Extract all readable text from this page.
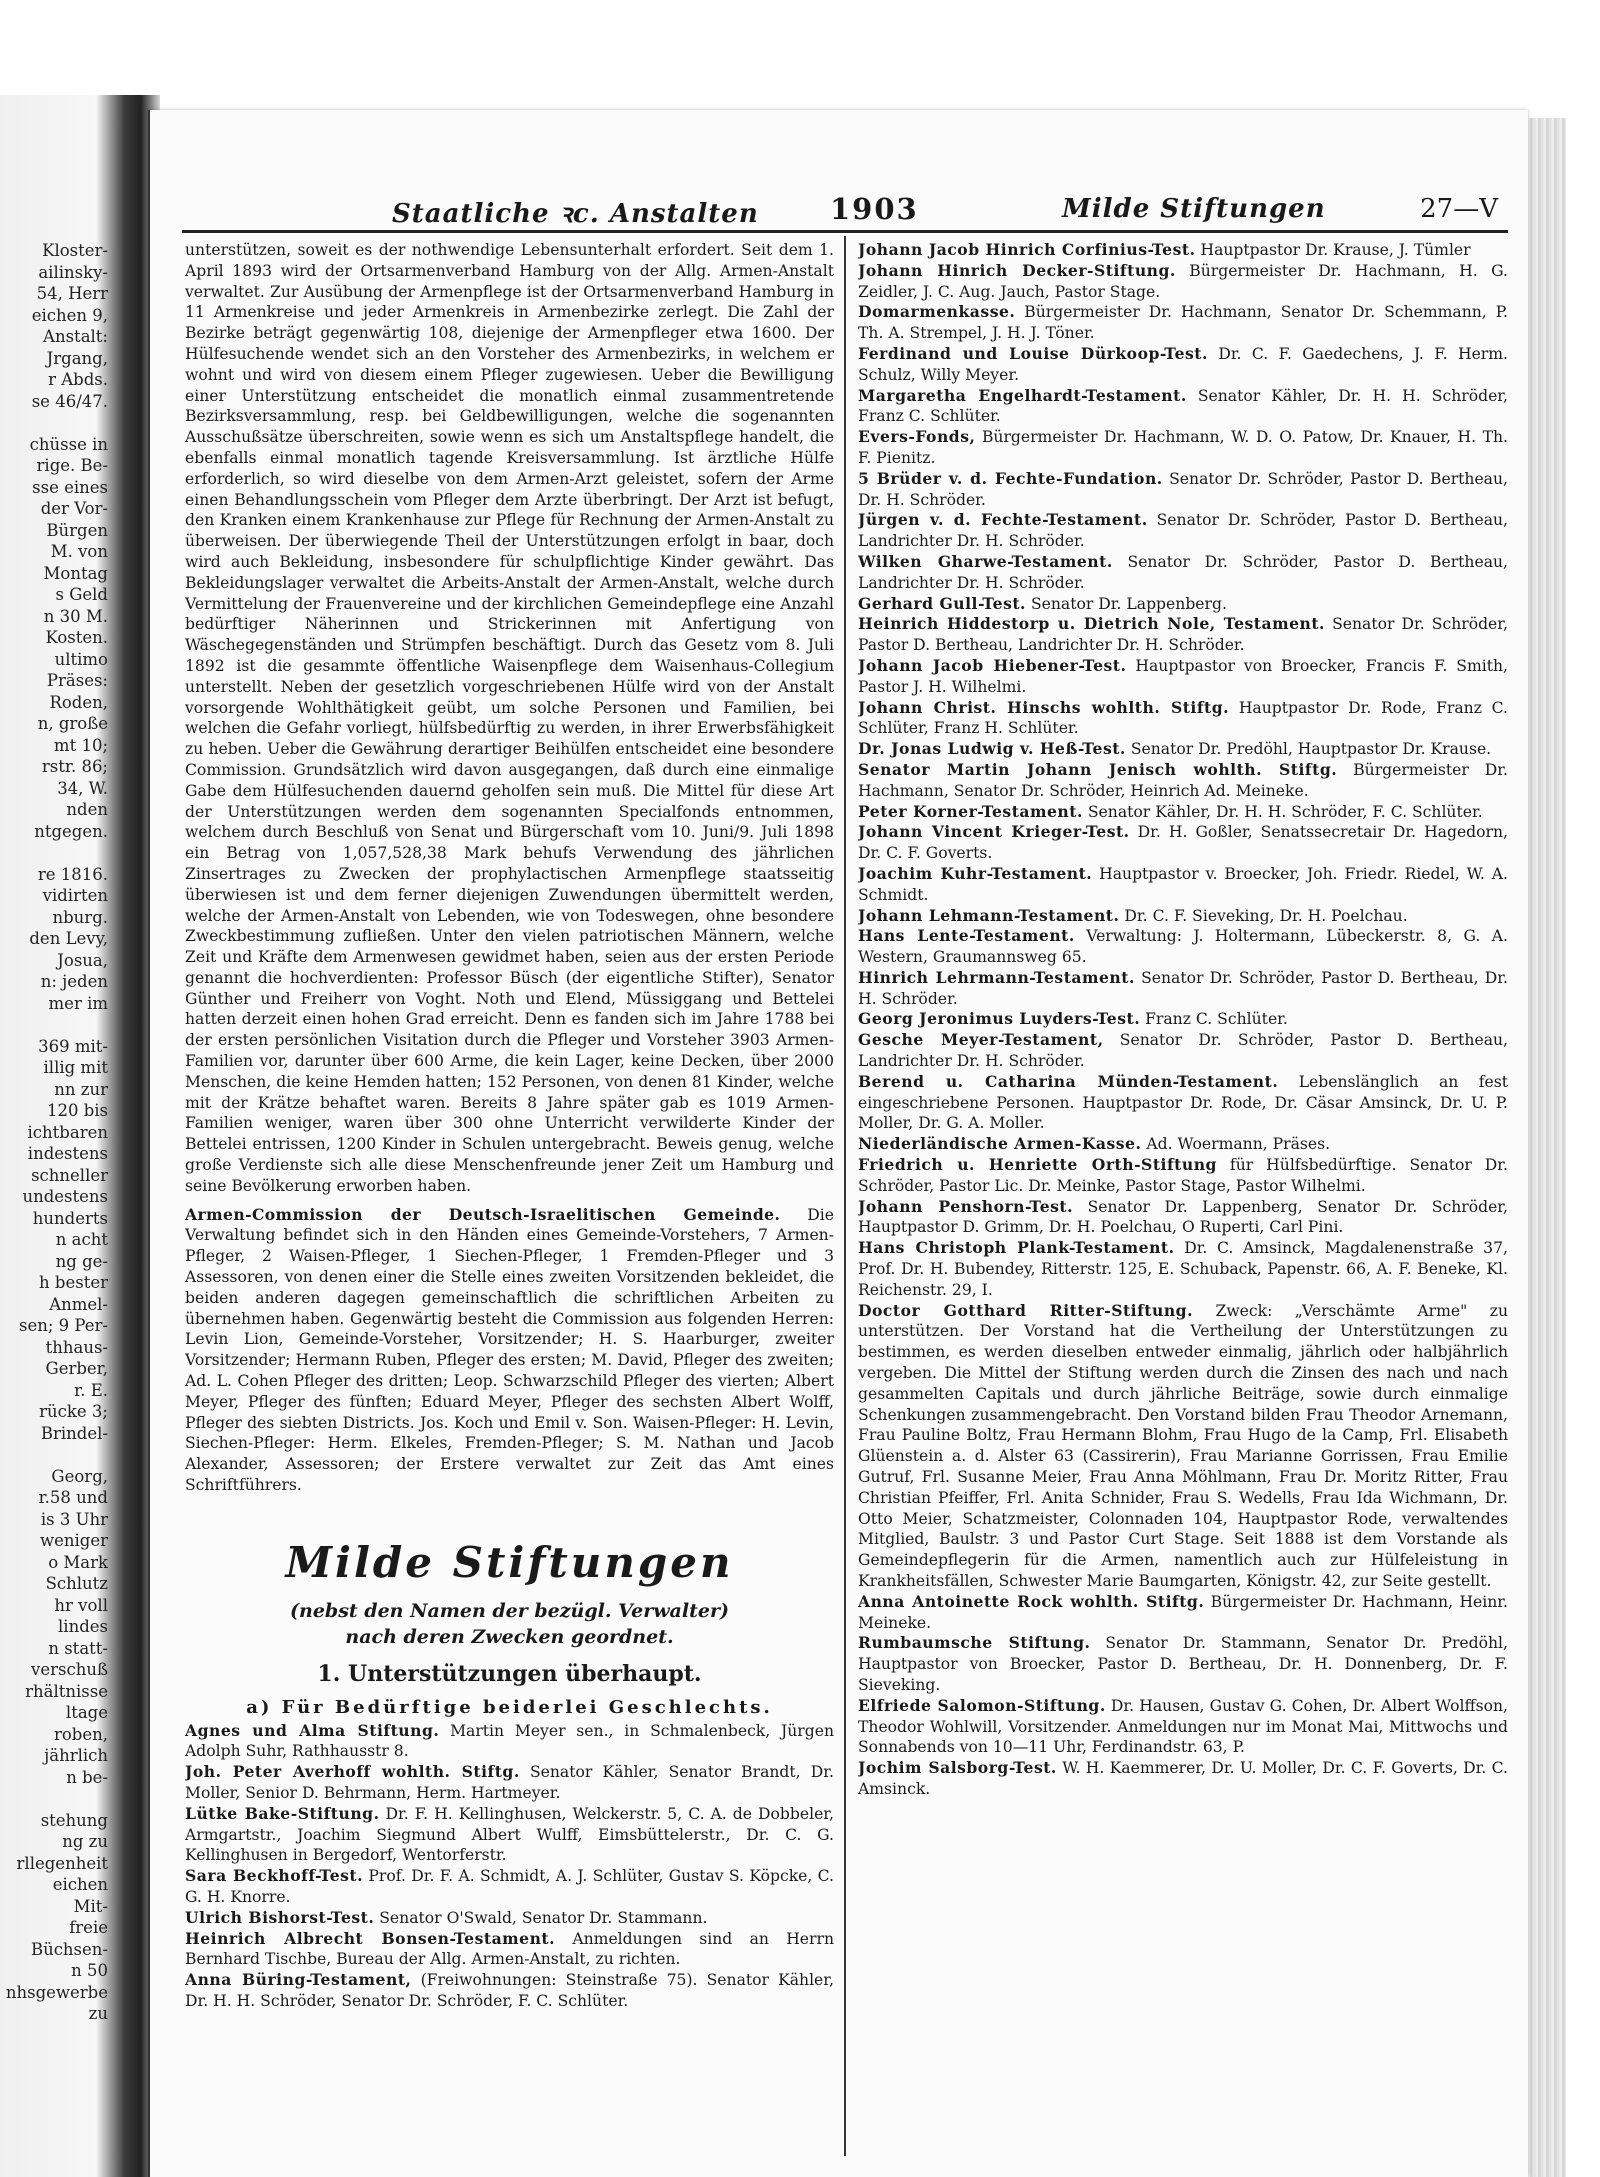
Kloster-
ailinsky-
54, Herr
eichen 9,
Anstalt:
Jrgang,
r Abds.
se 46/47.

chüsse in
rige. Be-
sse eines
der Vor-
Bürgen
M. von
Montag
s Geld
n 30 M.
Kosten.
ultimo
Präses:
Roden,
n, große
mt 10;
rstr. 86;
34, W.
nden
ntgegen.

re 1816.
vidirten
nburg.
den Levy,
Josua,
n: jeden
mer im

369 mit-
illig mit
nn zur
120 bis
ichtbaren
indestens
schneller
undestens
hunderts
n acht
ng ge-
h bester
Anmel-
sen; 9 Per-
thhaus-
Gerber,
r. E.
rücke 3;
Brindel-

Georg,
r.58 und
is 3 Uhr
weniger
o Mark
Schlutz
hr voll
lindes
n statt-
verschuß
rhältnisse
ltage
roben,
jährlich
n be-

stehung
ng zu
rllegenheit
eichen
Mit-
freie
Büchsen-
n 50
nhsgewerbe
zu
Staatliche ꝛc. Anstalten 1903	Milde Stiftungen	27—V

unterstützen, soweit es der nothwendige Lebensunterhalt erfordert. Seit dem 1. April 1893 wird der Ortsarmenverband Hamburg von der Allg. Armen-Anstalt verwaltet. Zur Ausübung der Armenpflege ist der Ortsarmenverband Hamburg in 11 Armenkreise und jeder Armenkreis in Armenbezirke zerlegt. Die Zahl der Bezirke beträgt gegenwärtig 108, diejenige der Armenpfleger etwa 1600. Der Hülfesuchende wendet sich an den Vorsteher des Armenbezirks, in welchem er wohnt und wird von diesem einem Pfleger zugewiesen. Ueber die Bewilligung einer Unterstützung entscheidet die monatlich einmal zusammentretende Bezirksversammlung, resp. bei Geldbewilligungen, welche die sogenannten Ausschußsätze überschreiten, sowie wenn es sich um Anstaltspflege handelt, die ebenfalls einmal monatlich tagende Kreisversammlung. Ist ärztliche Hülfe erforderlich, so wird dieselbe von dem Armen-Arzt geleistet, sofern der Arme einen Behandlungsschein vom Pfleger dem Arzte überbringt. Der Arzt ist befugt, den Kranken einem Krankenhause zur Pflege für Rechnung der Armen-Anstalt zu überweisen. Der überwiegende Theil der Unterstützungen erfolgt in baar, doch wird auch Bekleidung, insbesondere für schulpflichtige Kinder gewährt. Das Bekleidungslager verwaltet die Arbeits-Anstalt der Armen-Anstalt, welche durch Vermittelung der Frauenvereine und der kirchlichen Gemeindepflege eine Anzahl bedürftiger Näherinnen und Strickerinnen mit Anfertigung von Wäschegegenständen und Strümpfen beschäftigt. Durch das Gesetz vom 8. Juli 1892 ist die gesammte öffentliche Waisenpflege dem Waisenhaus-Collegium unterstellt. Neben der gesetzlich vorgeschriebenen Hülfe wird von der Anstalt vorsorgende Wohlthätigkeit geübt, um solche Personen und Familien, bei welchen die Gefahr vorliegt, hülfsbedürftig zu werden, in ihrer Erwerbsfähigkeit zu heben. Ueber die Gewährung derartiger Beihülfen entscheidet eine besondere Commission. Grundsätzlich wird davon ausgegangen, daß durch eine einmalige Gabe dem Hülfesuchenden dauernd geholfen sein muß. Die Mittel für diese Art der Unterstützungen werden dem sogenannten Specialfonds entnommen, welchem durch Beschluß von Senat und Bürgerschaft vom 10. Juni/9. Juli 1898 ein Betrag von 1,057,528,38 Mark behufs Verwendung des jährlichen Zinsertrages zu Zwecken der prophylactischen Armenpflege staatsseitig überwiesen ist und dem ferner diejenigen Zuwendungen übermittelt werden, welche der Armen-Anstalt von Lebenden, wie von Todeswegen, ohne besondere Zweckbestimmung zufließen. Unter den vielen patriotischen Männern, welche Zeit und Kräfte dem Armenwesen gewidmet haben, seien aus der ersten Periode genannt die hochverdienten: Professor Büsch (der eigentliche Stifter), Senator Günther und Freiherr von Voght. Noth und Elend, Müssiggang und Bettelei hatten derzeit einen hohen Grad erreicht. Denn es fanden sich im Jahre 1788 bei der ersten persönlichen Visitation durch die Pfleger und Vorsteher 3903 Armen-Familien vor, darunter über 600 Arme, die kein Lager, keine Decken, über 2000 Menschen, die keine Hemden hatten; 152 Personen, von denen 81 Kinder, welche mit der Krätze behaftet waren. Bereits 8 Jahre später gab es 1019 Armen-Familien weniger, waren über 300 ohne Unterricht verwilderte Kinder der Bettelei entrissen, 1200 Kinder in Schulen untergebracht. Beweis genug, welche große Verdienste sich alle diese Menschenfreunde jener Zeit um Hamburg und seine Bevölkerung erworben haben.

Armen-Commission der Deutsch-Israelitischen Gemeinde. Die Verwaltung befindet sich in den Händen eines Gemeinde-Vorstehers, 7 Armen-Pfleger, 2 Waisen-Pfleger, 1 Siechen-Pfleger, 1 Fremden-Pfleger und 3 Assessoren, von denen einer die Stelle eines zweiten Vorsitzenden bekleidet, die beiden anderen dagegen gemeinschaftlich die schriftlichen Arbeiten zu übernehmen haben. Gegenwärtig besteht die Commission aus folgenden Herren: Levin Lion, Gemeinde-Vorsteher, Vorsitzender; H. S. Haarburger, zweiter Vorsitzender; Hermann Ruben, Pfleger des ersten; M. David, Pfleger des zweiten; Ad. L. Cohen Pfleger des dritten; Leop. Schwarzschild Pfleger des vierten; Albert Meyer, Pfleger des fünften; Eduard Meyer, Pfleger des sechsten Albert Wolff, Pfleger des siebten Districts. Jos. Koch und Emil v. Son. Waisen-Pfleger: H. Levin, Siechen-Pfleger: Herm. Elkeles, Fremden-Pfleger; S. M. Nathan und Jacob Alexander, Assessoren; der Erstere verwaltet zur Zeit das Amt eines Schriftführers.

Milde Stiftungen
(nebst den Namen der bezügl. Verwalter)
nach deren Zwecken geordnet.
1. Unterstützungen überhaupt.
a) Für Bedürftige beiderlei Geschlechts.

Agnes und Alma Stiftung. Martin Meyer sen., in Schmalenbeck, Jürgen Adolph Suhr, Rathhausstr 8.

Joh. Peter Averhoff wohlth. Stiftg. Senator Kähler, Senator Brandt, Dr. Moller, Senior D. Behrmann, Herm. Hartmeyer.

Lütke Bake-Stiftung. Dr. F. H. Kellinghusen, Welckerstr. 5, C. A. de Dobbeler, Armgartstr., Joachim Siegmund Albert Wulff, Eimsbüttelerstr., Dr. C. G. Kellinghusen in Bergedorf, Wentorferstr.

Sara Beckhoff-Test. Prof. Dr. F. A. Schmidt, A. J. Schlüter, Gustav S. Köpcke, C. G. H. Knorre.

Ulrich Bishorst-Test. Senator O'Swald, Senator Dr. Stammann.

Heinrich Albrecht Bonsen-Testament. Anmeldungen sind an Herrn Bernhard Tischbe, Bureau der Allg. Armen-Anstalt, zu richten.

Anna Büring-Testament, (Freiwohnungen: Steinstraße 75). Senator Kähler, Dr. H. H. Schröder, Senator Dr. Schröder, F. C. Schlüter.

Johann Jacob Hinrich Corfinius-Test. Hauptpastor Dr. Krause, J. Tümler

Johann Hinrich Decker-Stiftung. Bürgermeister Dr. Hachmann, H. G. Zeidler, J. C. Aug. Jauch, Pastor Stage.

Domarmenkasse. Bürgermeister Dr. Hachmann, Senator Dr. Schemmann, P. Th. A. Strempel, J. H. J. Töner.

Ferdinand und Louise Dürkoop-Test. Dr. C. F. Gaedechens, J. F. Herm. Schulz, Willy Meyer.

Margaretha Engelhardt-Testament. Senator Kähler, Dr. H. H. Schröder, Franz C. Schlüter.

Evers-Fonds, Bürgermeister Dr. Hachmann, W. D. O. Patow, Dr. Knauer, H. Th. F. Pienitz.

5 Brüder v. d. Fechte-Fundation. Senator Dr. Schröder, Pastor D. Bertheau, Dr. H. Schröder.

Jürgen v. d. Fechte-Testament. Senator Dr. Schröder, Pastor D. Bertheau, Landrichter Dr. H. Schröder.

Wilken Gharwe-Testament. Senator Dr. Schröder, Pastor D. Bertheau, Landrichter Dr. H. Schröder.

Gerhard Gull-Test. Senator Dr. Lappenberg.

Heinrich Hiddestorp u. Dietrich Nole, Testament. Senator Dr. Schröder, Pastor D. Bertheau, Landrichter Dr. H. Schröder.

Johann Jacob Hiebener-Test. Hauptpastor von Broecker, Francis F. Smith, Pastor J. H. Wilhelmi.

Johann Christ. Hinschs wohlth. Stiftg. Hauptpastor Dr. Rode, Franz C. Schlüter, Franz H. Schlüter.

Dr. Jonas Ludwig v. Heß-Test. Senator Dr. Predöhl, Hauptpastor Dr. Krause.

Senator Martin Johann Jenisch wohlth. Stiftg. Bürgermeister Dr. Hachmann, Senator Dr. Schröder, Heinrich Ad. Meineke.

Peter Korner-Testament. Senator Kähler, Dr. H. H. Schröder, F. C. Schlüter.

Johann Vincent Krieger-Test. Dr. H. Goßler, Senatssecretair Dr. Hagedorn, Dr. C. F. Goverts.

Joachim Kuhr-Testament. Hauptpastor v. Broecker, Joh. Friedr. Riedel, W. A. Schmidt.

Johann Lehmann-Testament. Dr. C. F. Sieveking, Dr. H. Poelchau.

Hans Lente-Testament. Verwaltung: J. Holtermann, Lübeckerstr. 8, G. A. Western, Graumannsweg 65.

Hinrich Lehrmann-Testament. Senator Dr. Schröder, Pastor D. Bertheau, Dr. H. Schröder.

Georg Jeronimus Luyders-Test. Franz C. Schlüter.

Gesche Meyer-Testament, Senator Dr. Schröder, Pastor D. Bertheau, Landrichter Dr. H. Schröder.

Berend u. Catharina Münden-Testament. Lebenslänglich an fest eingeschriebene Personen. Hauptpastor Dr. Rode, Dr. Cäsar Amsinck, Dr. U. P. Moller, Dr. G. A. Moller.

Niederländische Armen-Kasse. Ad. Woermann, Präses.

Friedrich u. Henriette Orth-Stiftung für Hülfsbedürftige. Senator Dr. Schröder, Pastor Lic. Dr. Meinke, Pastor Stage, Pastor Wilhelmi.

Johann Penshorn-Test. Senator Dr. Lappenberg, Senator Dr. Schröder, Hauptpastor D. Grimm, Dr. H. Poelchau, O Ruperti, Carl Pini.

Hans Christoph Plank-Testament. Dr. C. Amsinck, Magdalenenstraße 37, Prof. Dr. H. Bubendey, Ritterstr. 125, E. Schuback, Papenstr. 66, A. F. Beneke, Kl. Reichenstr. 29, I.

Doctor Gotthard Ritter-Stiftung. Zweck: „Verschämte Arme" zu unterstützen. Der Vorstand hat die Vertheilung der Unterstützungen zu bestimmen, es werden dieselben entweder einmalig, jährlich oder halbjährlich vergeben. Die Mittel der Stiftung werden durch die Zinsen des nach und nach gesammelten Capitals und durch jährliche Beiträge, sowie durch einmalige Schenkungen zusammengebracht. Den Vorstand bilden Frau Theodor Arnemann, Frau Pauline Boltz, Frau Hermann Blohm, Frau Hugo de la Camp, Frl. Elisabeth Glüenstein a. d. Alster 63 (Cassirerin), Frau Marianne Gorrissen, Frau Emilie Gutruf, Frl. Susanne Meier, Frau Anna Möhlmann, Frau Dr. Moritz Ritter, Frau Christian Pfeiffer, Frl. Anita Schnider, Frau S. Wedells, Frau Ida Wichmann, Dr. Otto Meier, Schatzmeister, Colonnaden 104, Hauptpastor Rode, verwaltendes Mitglied, Baulstr. 3 und Pastor Curt Stage. Seit 1888 ist dem Vorstande als Gemeindepflegerin für die Armen, namentlich auch zur Hülfeleistung in Krankheitsfällen, Schwester Marie Baumgarten, Königstr. 42, zur Seite gestellt.

Anna Antoinette Rock wohlth. Stiftg. Bürgermeister Dr. Hachmann, Heinr. Meineke.

Rumbaumsche Stiftung. Senator Dr. Stammann, Senator Dr. Predöhl, Hauptpastor von Broecker, Pastor D. Bertheau, Dr. H. Donnenberg, Dr. F. Sieveking.

Elfriede Salomon-Stiftung. Dr. Hausen, Gustav G. Cohen, Dr. Albert Wolffson, Theodor Wohlwill, Vorsitzender. Anmeldungen nur im Monat Mai, Mittwochs und Sonnabends von 10—11 Uhr, Ferdinandstr. 63, P.

Jochim Salsborg-Test. W. H. Kaemmerer, Dr. U. Moller, Dr. C. F. Goverts, Dr. C. Amsinck.
